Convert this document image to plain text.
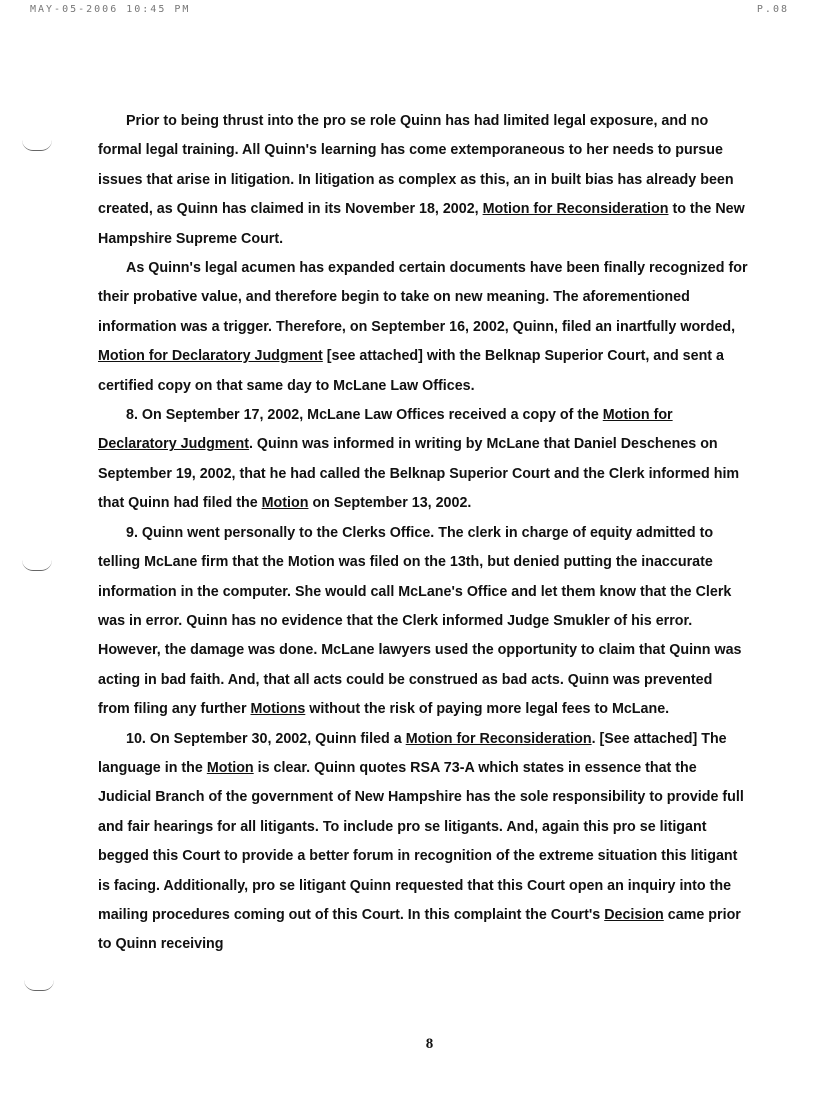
MAY-05-2006 10:45 PM	P.08

Prior to being thrust into the pro se role Quinn has had limited legal exposure, and no formal legal training. All Quinn's learning has come extemporaneous to her needs to pursue issues that arise in litigation. In litigation as complex as this, an in built bias has already been created, as Quinn has claimed in its November 18, 2002, Motion for Reconsideration to the New Hampshire Supreme Court.

As Quinn's legal acumen has expanded certain documents have been finally recognized for their probative value, and therefore begin to take on new meaning. The aforementioned information was a trigger. Therefore, on September 16, 2002, Quinn, filed an inartfully worded, Motion for Declaratory Judgment [see attached] with the Belknap Superior Court, and sent a certified copy on that same day to McLane Law Offices.

8. On September 17, 2002, McLane Law Offices received a copy of the Motion for Declaratory Judgment. Quinn was informed in writing by McLane that Daniel Deschenes on September 19, 2002, that he had called the Belknap Superior Court and the Clerk informed him that Quinn had filed the Motion on September 13, 2002.

9. Quinn went personally to the Clerks Office. The clerk in charge of equity admitted to telling McLane firm that the Motion was filed on the 13th, but denied putting the inaccurate information in the computer. She would call McLane's Office and let them know that the Clerk was in error. Quinn has no evidence that the Clerk informed Judge Smukler of his error. However, the damage was done. McLane lawyers used the opportunity to claim that Quinn was acting in bad faith. And, that all acts could be construed as bad acts. Quinn was prevented from filing any further Motions without the risk of paying more legal fees to McLane.

10. On September 30, 2002, Quinn filed a Motion for Reconsideration. [See attached] The language in the Motion is clear. Quinn quotes RSA 73-A which states in essence that the Judicial Branch of the government of New Hampshire has the sole responsibility to provide full and fair hearings for all litigants. To include pro se litigants. And, again this pro se litigant begged this Court to provide a better forum in recognition of the extreme situation this litigant is facing. Additionally, pro se litigant Quinn requested that this Court open an inquiry into the mailing procedures coming out of this Court. In this complaint the Court's Decision came prior to Quinn receiving

8
